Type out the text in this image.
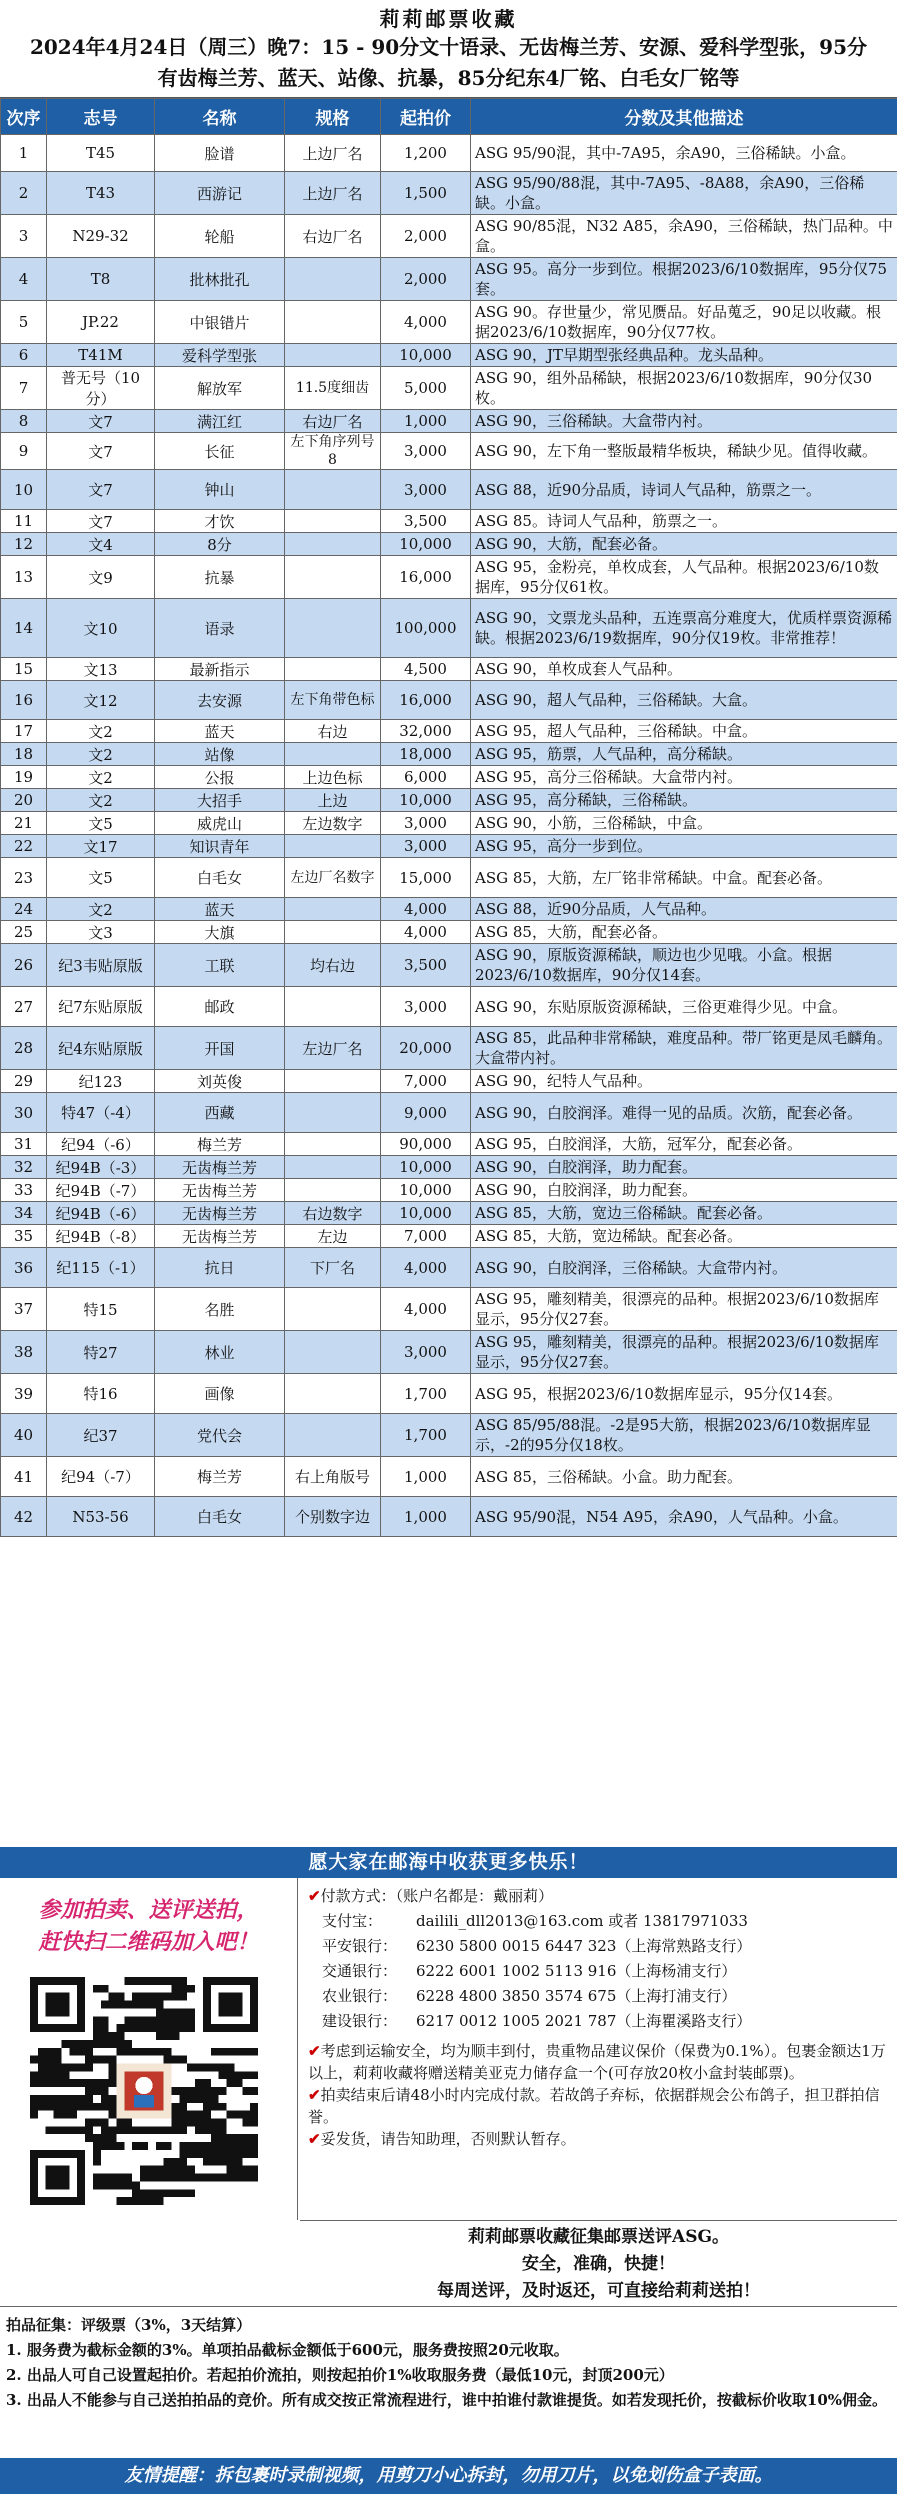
莉莉邮票收藏
2024年4月24日（周三）晚7：15 - 90分文十语录、无齿梅兰芳、安源、爱科学型张，95分
有齿梅兰芳、蓝天、站像、抗暴，85分纪东4厂铭、白毛女厂铭等
次序	志号	名称	规格	起拍价	分数及其他描述
1	T45	脸谱	上边厂名	1,200	ASG 95/90混，其中-7A95，余A90，三俗稀缺。小盒。
2	T43	西游记	上边厂名	1,500	ASG 95/90/88混，其中-7A95、-8A88，余A90，三俗稀缺。小盒。
3	N29-32	轮船	右边厂名	2,000	ASG 90/85混，N32 A85，余A90，三俗稀缺，热门品种。中盒。
4	T8	批林批孔		2,000	ASG 95。高分一步到位。根据2023/6/10数据库，95分仅75套。
5	JP.22	中银错片		4,000	ASG 90。存世量少，常见赝品。好品蒐乏，90足以收藏。根据2023/6/10数据库，90分仅77枚。
6	T41M	爱科学型张		10,000	ASG 90，JT早期型张经典品种。龙头品种。
7	普无号（10分）	解放军	11.5度细齿	5,000	ASG 90，组外品稀缺，根据2023/6/10数据库，90分仅30枚。
8	文7	满江红	右边厂名	1,000	ASG 90，三俗稀缺。大盒带内衬。
9	文7	长征	左下角序列号8	3,000	ASG 90，左下角一整版最精华板块，稀缺少见。值得收藏。
10	文7	钟山		3,000	ASG 88，近90分品质，诗词人气品种，筋票之一。
11	文7	才饮		3,500	ASG 85。诗词人气品种，筋票之一。
12	文4	8分		10,000	ASG 90，大筋，配套必备。
13	文9	抗暴		16,000	ASG 95，金粉亮，单枚成套，人气品种。根据2023/6/10数据库，95分仅61枚。
14	文10	语录		100,000	ASG 90，文票龙头品种，五连票高分难度大，优质样票资源稀缺。根据2023/6/19数据库，90分仅19枚。非常推荐！
15	文13	最新指示		4,500	ASG 90，单枚成套人气品种。
16	文12	去安源	左下角带色标	16,000	ASG 90，超人气品种，三俗稀缺。大盒。
17	文2	蓝天	右边	32,000	ASG 95，超人气品种，三俗稀缺。中盒。
18	文2	站像		18,000	ASG 95，筋票，人气品种，高分稀缺。
19	文2	公报	上边色标	6,000	ASG 95，高分三俗稀缺。大盒带内衬。
20	文2	大招手	上边	10,000	ASG 95，高分稀缺，三俗稀缺。
21	文5	威虎山	左边数字	3,000	ASG 90，小筋，三俗稀缺，中盒。
22	文17	知识青年		3,000	ASG 95，高分一步到位。
23	文5	白毛女	左边厂名数字	15,000	ASG 85，大筋，左厂铭非常稀缺。中盒。配套必备。
24	文2	蓝天		4,000	ASG 88，近90分品质，人气品种。
25	文3	大旗		4,000	ASG 85，大筋，配套必备。
26	纪3韦贴原版	工联	均右边	3,500	ASG 90，原版资源稀缺，顺边也少见哦。小盒。根据2023/6/10数据库，90分仅14套。
27	纪7东贴原版	邮政		3,000	ASG 90，东贴原版资源稀缺，三俗更难得少见。中盒。
28	纪4东贴原版	开国	左边厂名	20,000	ASG 85，此品种非常稀缺，难度品种。带厂铭更是凤毛麟角。大盒带内衬。
29	纪123	刘英俊		7,000	ASG 90，纪特人气品种。
30	特47（-4）	西藏		9,000	ASG 90，白胶润泽。难得一见的品质。次筋，配套必备。
31	纪94（-6）	梅兰芳		90,000	ASG 95，白胶润泽，大筋，冠军分，配套必备。
32	纪94B（-3）	无齿梅兰芳		10,000	ASG 90，白胶润泽，助力配套。
33	纪94B（-7）	无齿梅兰芳		10,000	ASG 90，白胶润泽，助力配套。
34	纪94B（-6）	无齿梅兰芳	右边数字	10,000	ASG 85，大筋，宽边三俗稀缺。配套必备。
35	纪94B（-8）	无齿梅兰芳	左边	7,000	ASG 85，大筋，宽边稀缺。配套必备。
36	纪115（-1）	抗日	下厂名	4,000	ASG 90，白胶润泽，三俗稀缺。大盒带内衬。
37	特15	名胜		4,000	ASG 95，雕刻精美，很漂亮的品种。根据2023/6/10数据库显示，95分仅27套。
38	特27	林业		3,000	ASG 95，雕刻精美，很漂亮的品种。根据2023/6/10数据库显示，95分仅27套。
39	特16	画像		1,700	ASG 95，根据2023/6/10数据库显示，95分仅14套。
40	纪37	党代会		1,700	ASG 85/95/88混。-2是95大筋，根据2023/6/10数据库显示，-2的95分仅18枚。
41	纪94（-7）	梅兰芳	右上角版号	1,000	ASG 85，三俗稀缺。小盒。助力配套。
42	N53-56	白毛女	个别数字边	1,000	ASG 95/90混，N54 A95，余A90，人气品种。小盒。
愿大家在邮海中收获更多快乐！
参加拍卖、送评送拍，
赶快扫二维码加入吧！
✔付款方式：（账户名都是：戴丽莉）
支付宝： dailili_dll2013@163.com 或者 13817971033
平安银行： 6230 5800 0015 6447 323（上海常熟路支行）
交通银行： 6222 6001 1002 5113 916（上海杨浦支行）
农业银行： 6228 4800 3850 3574 675（上海打浦支行）
建设银行： 6217 0012 1005 2021 787（上海瞿溪路支行）
✔考虑到运输安全，均为顺丰到付，贵重物品建议保价（保费为0.1%）。包裹金额达1万以上，莉莉收藏将赠送精美亚克力储存盒一个(可存放20枚小盒封装邮票)。
✔拍卖结束后请48小时内完成付款。若故鸽子弃标，依据群规会公布鸽子，担卫群拍信誉。
✔妥发货，请告知助理，否则默认暂存。
莉莉邮票收藏征集邮票送评ASG。
安全，准确，快捷！
每周送评，及时返还，可直接给莉莉送拍！
拍品征集：评级票（3%，3天结算）
1. 服务费为截标金额的3%。单项拍品截标金额低于600元，服务费按照20元收取。
2. 出品人可自己设置起拍价。若起拍价流拍，则按起拍价1%收取服务费（最低10元，封顶200元）
3. 出品人不能参与自己送拍拍品的竞价。所有成交按正常流程进行，谁中拍谁付款谁提货。如若发现托价，按截标价收取10%佣金。
友情提醒：拆包裹时录制视频，用剪刀小心拆封，勿用刀片，以免划伤盒子表面。
